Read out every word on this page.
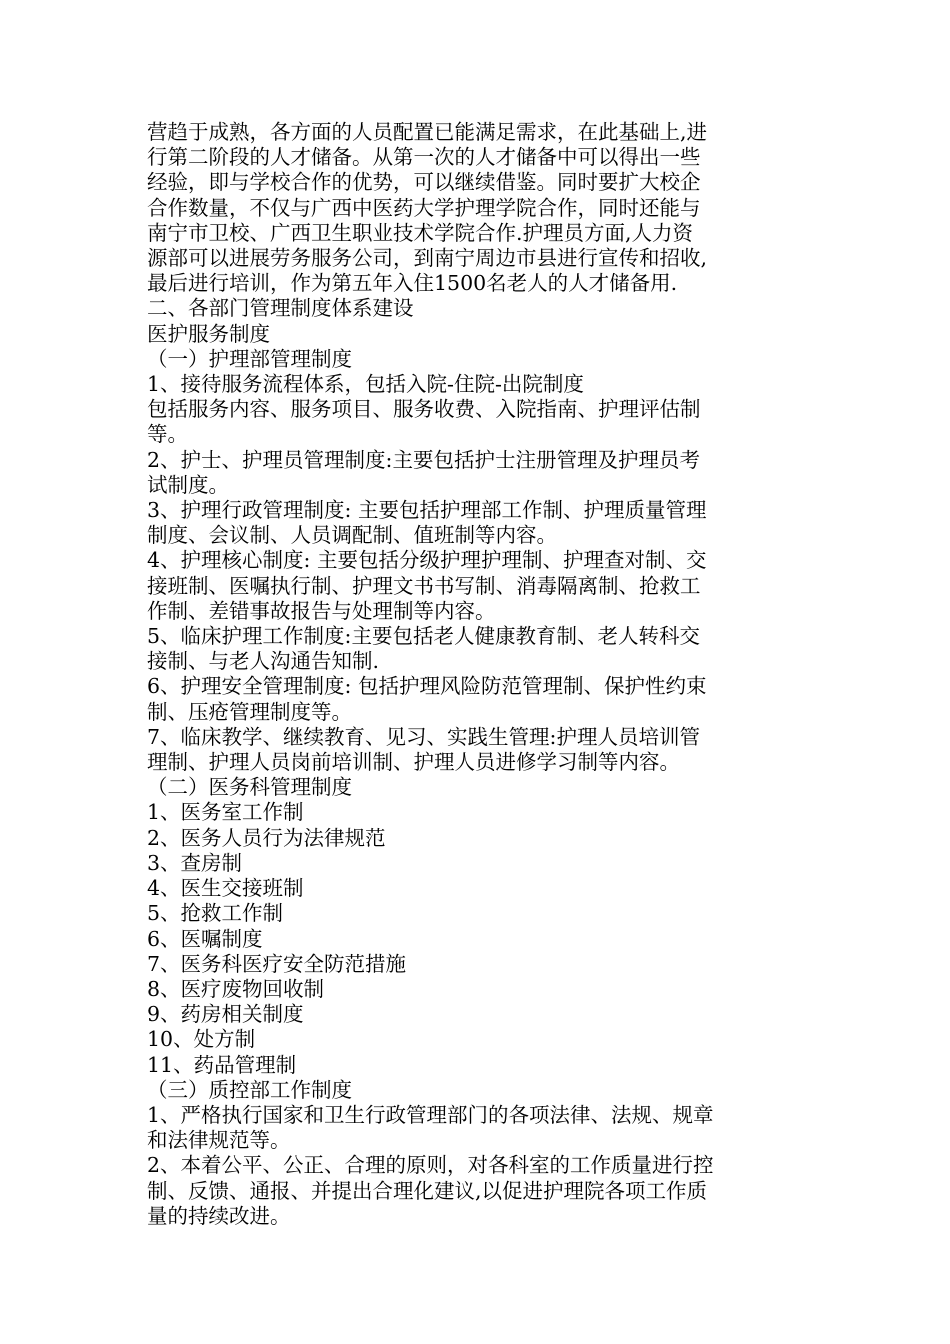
营趋于成熟，各方面的人员配置已能满足需求，在此基础上,进
行第二阶段的人才储备。从第一次的人才储备中可以得出一些
经验，即与学校合作的优势，可以继续借鉴。同时要扩大校企
合作数量，不仅与广西中医药大学护理学院合作，同时还能与
南宁市卫校、广西卫生职业技术学院合作.护理员方面,人力资
源部可以进展劳务服务公司，到南宁周边市县进行宣传和招收,
最后进行培训，作为第五年入住1500名老人的人才储备用.
二、各部门管理制度体系建设
医护服务制度
（一）护理部管理制度
1、接待服务流程体系，包括入院-住院-出院制度
包括服务内容、服务项目、服务收费、入院指南、护理评估制
等。
2、护士、护理员管理制度:主要包括护士注册管理及护理员考
试制度。
3、护理行政管理制度: 主要包括护理部工作制、护理质量管理
制度、会议制、人员调配制、值班制等内容。
4、护理核心制度: 主要包括分级护理护理制、护理查对制、交
接班制、医嘱执行制、护理文书书写制、消毒隔离制、抢救工
作制、差错事故报告与处理制等内容。
5、临床护理工作制度:主要包括老人健康教育制、老人转科交
接制、与老人沟通告知制.
6、护理安全管理制度: 包括护理风险防范管理制、保护性约束
制、压疮管理制度等。
7、临床教学、继续教育、见习、实践生管理:护理人员培训管
理制、护理人员岗前培训制、护理人员进修学习制等内容。
（二）医务科管理制度
1、医务室工作制
2、医务人员行为法律规范
3、查房制
4、医生交接班制
5、抢救工作制
6、医嘱制度
7、医务科医疗安全防范措施
8、医疗废物回收制
9、药房相关制度
10、处方制
11、药品管理制
（三）质控部工作制度
1、严格执行国家和卫生行政管理部门的各项法律、法规、规章
和法律规范等。
2、本着公平、公正、合理的原则，对各科室的工作质量进行控
制、反馈、通报、并提出合理化建议,以促进护理院各项工作质
量的持续改进。
